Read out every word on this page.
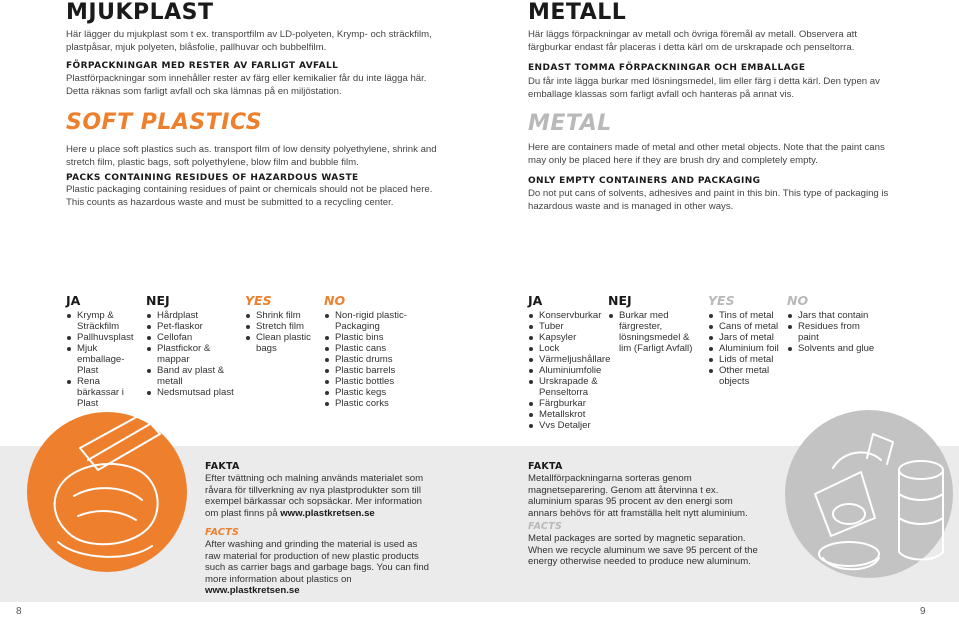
MJUKPLAST
Här lägger du mjukplast som t ex. transportfilm av LD-polyeten, Krymp- och sträckfilm, plastpåsar, mjuk polyeten, blåsfolie, pallhuvar och bubbelfilm.
FÖRPACKNINGAR MED RESTER AV FARLIGT AVFALL
Plastförpackningar som innehåller rester av färg eller kemikalier får du inte lägga här. Detta räknas som farligt avfall och ska lämnas på en miljöstation.
SOFT PLASTICS
Here u place soft plastics such as. transport film of low density polyethylene, shrink and stretch film, plastic bags, soft polyethylene, blow film and bubble film.
PACKS CONTAINING RESIDUES OF HAZARDOUS WASTE
Plastic packaging containing residues of paint or chemicals should not be placed here. This counts as hazardous waste and must be submitted to a recycling center.
JA
Krymp & Sträckfilm
Pallhuvsplast
Mjuk emballage-Plast
Rena bärkassar i Plast
NEJ
Hårdplast
Pet-flaskor
Cellofan
Plastfickor & mappar
Band av plast & metall
Nedsmutsad plast
YES
Shrink film
Stretch film
Clean plastic bags
NO
Non-rigid plastic-Packaging
Plastic bins
Plastic cans
Plastic drums
Plastic barrels
Plastic bottles
Plastic kegs
Plastic corks
FAKTA
Efter tvättning och malning används materialet som råvara för tillverkning av nya plastprodukter som till exempel bärkassar och sopsäckar. Mer information om plast finns på www.plastkretsen.se
FACTS
After washing and grinding the material is used as raw material for production of new plastic products such as carrier bags and garbage bags. You can find more information about plastics on www.plastkretsen.se
8
METALL
Här läggs förpackningar av metall och övriga föremål av metall. Observera att färgburkar endast får placeras i detta kärl om de urskrapade och penseltorra.
ENDAST TOMMA FÖRPACKNINGAR OCH EMBALLAGE
Du får inte lägga burkar med lösningsmedel, lim eller färg i detta kärl. Den typen av emballage klassas som farligt avfall och hanteras på annat vis.
METAL
Here are containers made of metal and other metal objects. Note that the paint cans may only be placed here if they are brush dry and completely empty.
ONLY EMPTY CONTAINERS AND PACKAGING
Do not put cans of solvents, adhesives and paint in this bin. This type of packaging is hazardous waste and is managed in other ways.
JA
Konservburkar
Tuber
Kapsyler
Lock
Värmeljushållare
Aluminiumfolie
Urskrapade & Penseltorra
Färgburkar
Metallskrot
Vvs Detaljer
NEJ
Burkar med färgrester, lösningsmedel & lim (Farligt Avfall)
YES
Tins of metal
Cans of metal
Jars of metal
Aluminium foil
Lids of metal
Other metal objects
NO
Jars that contain
Residues from paint
Solvents and glue
FAKTA
Metallförpackningarna sorteras genom magnetseparering. Genom att återvinna t ex. aluminium sparas 95 procent av den energi som annars behövs för att framställa helt nytt aluminium.
FACTS
Metal packages are sorted by magnetic separation. When we recycle aluminum we save 95 percent of the energy otherwise needed to produce new aluminum.
9
